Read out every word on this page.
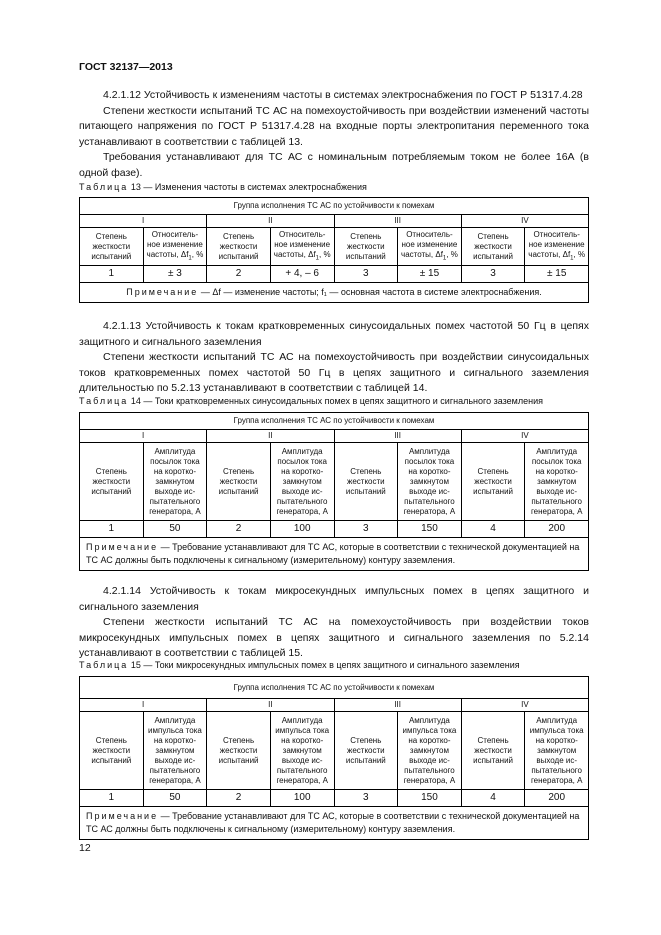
ГОСТ 32137—2013

4.2.1.12 Устойчивость к изменениям частоты в системах электроснабжения по ГОСТ Р 51317.4.28

Степени жесткости испытаний ТС АС на помехоустойчивость при воздействии изменений частоты питающего напряжения по ГОСТ Р 51317.4.28 на входные порты электропитания переменного тока устанавливают в соответствии с таблицей 13.

Требования устанавливают для ТС АС с номинальным потребляемым током не более 16А (в одной фазе).

Таблица 13 — Изменения частоты в системах электроснабжения
Группа исполнения ТС АС по устойчивости к помехам							
I		II		III		IV	
Степень жесткости испытаний	Относитель-ное изменение частоты, $\Delta f_1$, %	Степень жесткости испытаний	Относитель-ное изменение частоты, $\Delta f_1$, %	Степень жесткости испытаний	Относитель-ное изменение частоты, $\Delta f_1$, %	Степень жесткости испытаний	Относитель-ное изменение частоты, $\Delta f_1$, %
1	± 3	2	+ 4, – 6	3	± 15	3	± 15
Примечание — Δf — изменение частоты; f₁ — основная частота в системе электроснабжения.							

4.2.1.13 Устойчивость к токам кратковременных синусоидальных помех частотой 50 Гц в цепях защитного и сигнального заземления

Степени жесткости испытаний ТС АС на помехоустойчивость при воздействии синусоидальных токов кратковременных помех частотой 50 Гц в цепях защитного и сигнального заземления длительностью по 5.2.13 устанавливают в соответствии с таблицей 14.

Таблица 14 — Токи кратковременных синусоидальных помех в цепях защитного и сигнального заземления
Группа исполнения ТС АС по устойчивости к помехам							
I		II		III		IV	
Степень жесткости испытаний	Амплитуда посылок тока на коротко-замкнутом выходе ис-пытательного генератора, А	Степень жесткости испытаний	Амплитуда посылок тока на коротко-замкнутом выходе ис-пытательного генератора, А	Степень жесткости испытаний	Амплитуда посылок тока на коротко-замкнутом выходе ис-пытательного генератора, А	Степень жесткости испытаний	Амплитуда посылок тока на коротко-замкнутом выходе ис-пытательного генератора, А
1	50	2	100	3	150	4	200
Примечание — Требование устанавливают для ТС АС, которые в соответствии с технической документацией на ТС АС должны быть подключены к сигнальному (измерительному) контуру заземления.							

4.2.1.14 Устойчивость к токам микросекундных импульсных помех в цепях защитного и сигнального заземления

Степени жесткости испытаний ТС АС на помехоустойчивость при воздействии токов микросекундных импульсных помех в цепях защитного и сигнального заземления по 5.2.14 устанавливают в соответствии с таблицей 15.

Таблица 15 — Токи микросекундных импульсных помех в цепях защитного и сигнального заземления
Группа исполнения ТС АС по устойчивости к помехам							
I		II		III		IV	
Степень жесткости испытаний	Амплитуда импульса тока на коротко-замкнутом выходе ис-пытательного генератора, А	Степень жесткости испытаний	Амплитуда импульса тока на коротко-замкнутом выходе ис-пытательного генератора, А	Степень жесткости испытаний	Амплитуда импульса тока на коротко-замкнутом выходе ис-пытательного генератора, А	Степень жесткости испытаний	Амплитуда импульса тока на коротко-замкнутом выходе ис-пытательного генератора, А
1	50	2	100	3	150	4	200
Примечание — Требование устанавливают для ТС АС, которые в соответствии с технической документацией на ТС АС должны быть подключены к сигнальному (измерительному) контуру заземления.							
12
